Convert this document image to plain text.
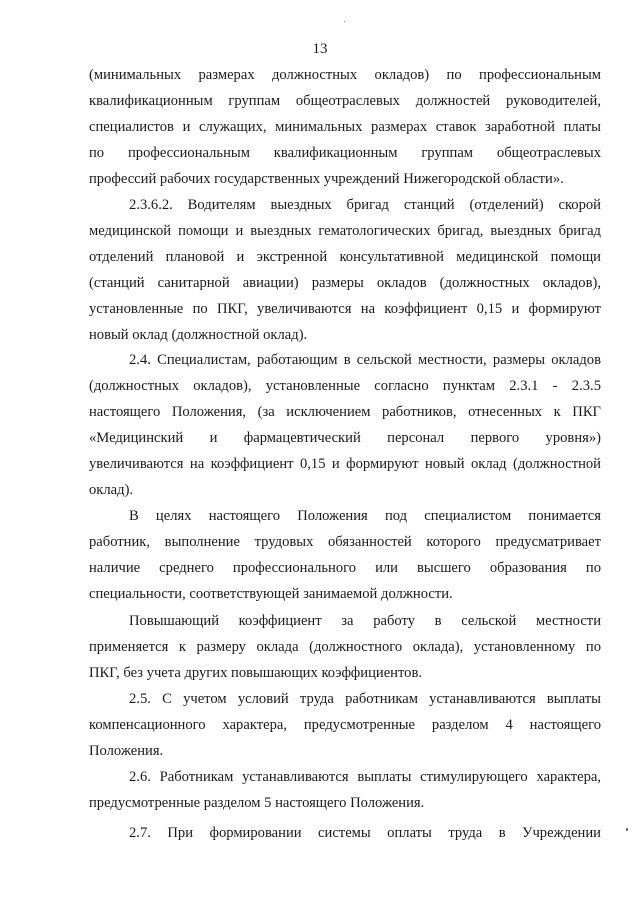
13
(минимальных размерах должностных окладов) по профессиональным
квалификационным группам общеотраслевых должностей руководителей,
специалистов и служащих, минимальных размерах ставок заработной платы
по профессиональным квалификационным группам общеотраслевых
профессий рабочих государственных учреждений Нижегородской области».
2.3.6.2. Водителям выездных бригад станций (отделений) скорой
медицинской помощи и выездных гематологических бригад, выездных бригад
отделений плановой и экстренной консультативной медицинской помощи
(станций санитарной авиации) размеры окладов (должностных окладов),
установленные по ПКГ, увеличиваются на коэффициент 0,15 и формируют
новый оклад (должностной оклад).
2.4. Специалистам, работающим в сельской местности, размеры окладов
(должностных окладов), установленные согласно пунктам 2.3.1 - 2.3.5
настоящего Положения, (за исключением работников, отнесенных к ПКГ
«Медицинский и фармацевтический персонал первого уровня»)
увеличиваются на коэффициент 0,15 и формируют новый оклад (должностной
оклад).
В целях настоящего Положения под специалистом понимается
работник, выполнение трудовых обязанностей которого предусматривает
наличие среднего профессионального или высшего образования по
специальности, соответствующей занимаемой должности.
Повышающий коэффициент за работу в сельской местности
применяется к размеру оклада (должностного оклада), установленному по
ПКГ, без учета других повышающих коэффициентов.
2.5. С учетом условий труда работникам устанавливаются выплаты
компенсационного характера, предусмотренные разделом 4 настоящего
Положения.
2.6. Работникам устанавливаются выплаты стимулирующего характера,
предусмотренные разделом 5 настоящего Положения.
2.7. При формировании системы оплаты труда в Учреждении
